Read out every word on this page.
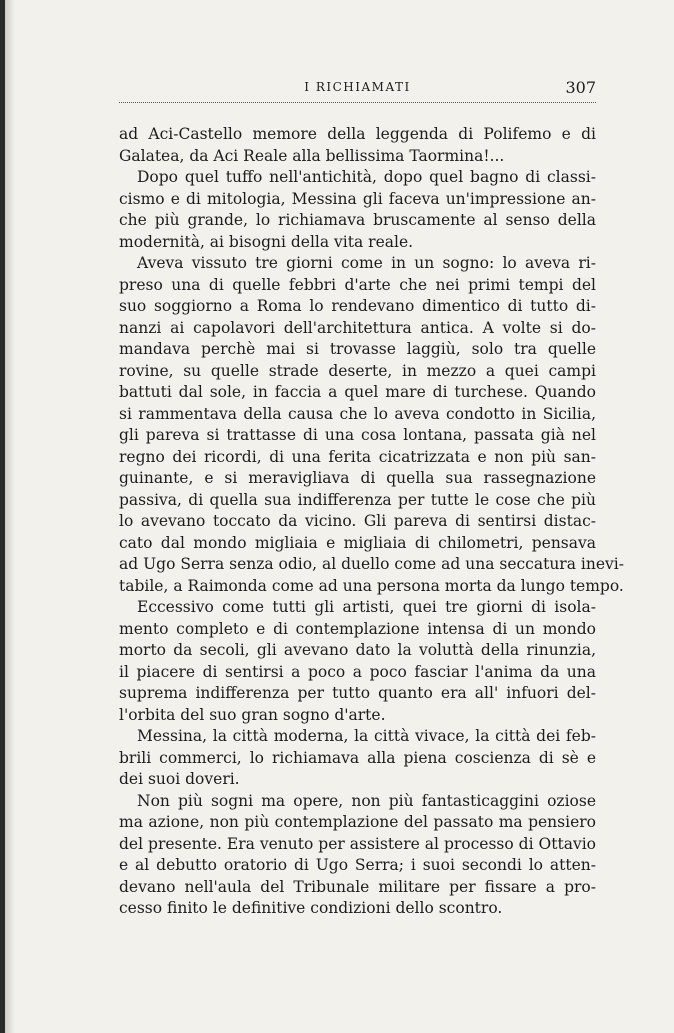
I RICHIAMATI	307
ad Aci-Castello memore della leggenda di Polifemo e di
Galatea, da Aci Reale alla bellissima Taormina!...
Dopo quel tuffo nell'antichità, dopo quel bagno di classi-
cismo e di mitologia, Messina gli faceva un'impressione an-
che più grande, lo richiamava bruscamente al senso della
modernità, ai bisogni della vita reale.
Aveva vissuto tre giorni come in un sogno: lo aveva ri-
preso una di quelle febbri d'arte che nei primi tempi del
suo soggiorno a Roma lo rendevano dimentico di tutto di-
nanzi ai capolavori dell'architettura antica. A volte si do-
mandava perchè mai si trovasse laggiù, solo tra quelle
rovine, su quelle strade deserte, in mezzo a quei campi
battuti dal sole, in faccia a quel mare di turchese. Quando
si rammentava della causa che lo aveva condotto in Sicilia,
gli pareva si trattasse di una cosa lontana, passata già nel
regno dei ricordi, di una ferita cicatrizzata e non più san-
guinante, e si meravigliava di quella sua rassegnazione
passiva, di quella sua indifferenza per tutte le cose che più
lo avevano toccato da vicino. Gli pareva di sentirsi distac-
cato dal mondo migliaia e migliaia di chilometri, pensava
ad Ugo Serra senza odio, al duello come ad una seccatura inevi-
tabile, a Raimonda come ad una persona morta da lungo tempo.
Eccessivo come tutti gli artisti, quei tre giorni di isola-
mento completo e di contemplazione intensa di un mondo
morto da secoli, gli avevano dato la voluttà della rinunzia,
il piacere di sentirsi a poco a poco fasciar l'anima da una
suprema indifferenza per tutto quanto era all' infuori del-
l'orbita del suo gran sogno d'arte.
Messina, la città moderna, la città vivace, la città dei feb-
brili commerci, lo richiamava alla piena coscienza di sè e
dei suoi doveri.
Non più sogni ma opere, non più fantasticaggini oziose
ma azione, non più contemplazione del passato ma pensiero
del presente. Era venuto per assistere al processo di Ottavio
e al debutto oratorio di Ugo Serra; i suoi secondi lo atten-
devano nell'aula del Tribunale militare per fissare a pro-
cesso finito le definitive condizioni dello scontro.
